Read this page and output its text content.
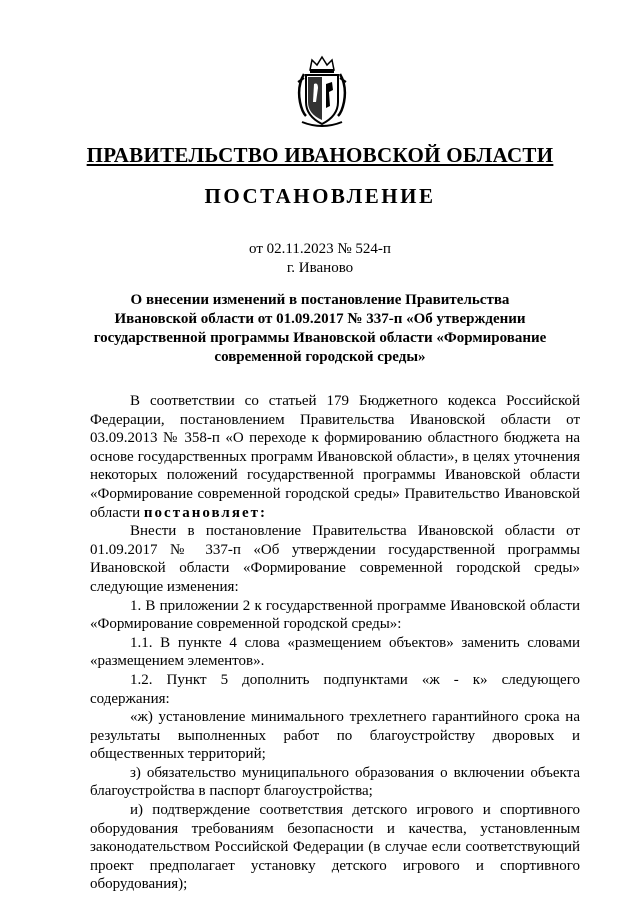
ПРАВИТЕЛЬСТВО ИВАНОВСКОЙ ОБЛАСТИ
ПОСТАНОВЛЕНИЕ
от 02.11.2023 № 524-п
г. Иваново
О внесении изменений в постановление Правительства Ивановской области от 01.09.2017 № 337-п «Об утверждении государственной программы Ивановской области «Формирование современной городской среды»

В соответствии со статьей 179 Бюджетного кодекса Российской Федерации, постановлением Правительства Ивановской области от 03.09.2013 № 358-п «О переходе к формированию областного бюджета на основе государственных программ Ивановской области», в целях уточнения некоторых положений государственной программы Ивановской области «Формирование современной городской среды» Правительство Ивановской области постановляет:

Внести в постановление Правительства Ивановской области от 01.09.2017 № 337-п «Об утверждении государственной программы Ивановской области «Формирование современной городской среды» следующие изменения:

1. В приложении 2 к государственной программе Ивановской области «Формирование современной городской среды»:

1.1. В пункте 4 слова «размещением объектов» заменить словами «размещением элементов».

1.2. Пункт 5 дополнить подпунктами «ж - к» следующего содержания:

«ж) установление минимального трехлетнего гарантийного срока на результаты выполненных работ по благоустройству дворовых и общественных территорий;

з) обязательство муниципального образования о включении объекта благоустройства в паспорт благоустройства;

и) подтверждение соответствия детского игрового и спортивного оборудования требованиям безопасности и качества, установленным законодательством Российской Федерации (в случае если соответствующий проект предполагает установку детского игрового и спортивного оборудования);
